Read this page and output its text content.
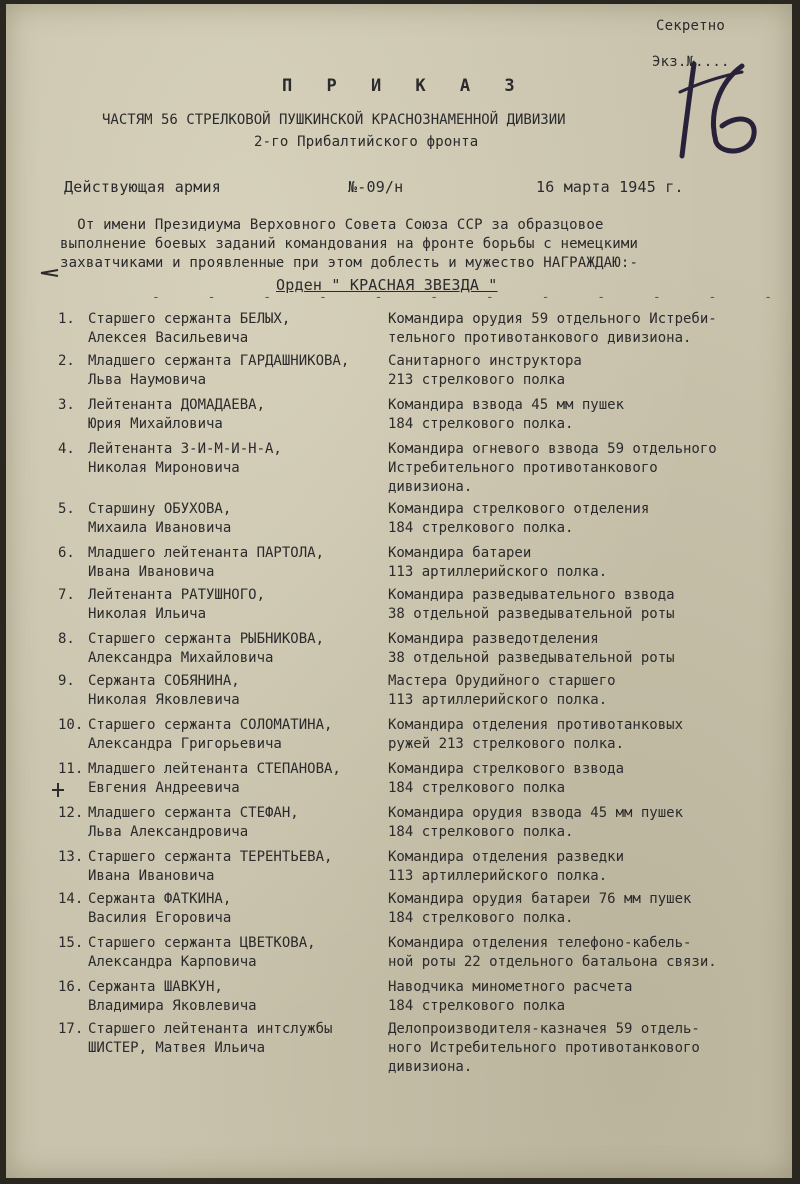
Секретно
Экз.№....
П Р И К А З
ЧАСТЯМ 56 СТРЕЛКОВОЙ ПУШКИНСКОЙ КРАСНОЗНАМЕННОЙ ДИВИЗИИ
2-го Прибалтийского фронта
Действующая армия	№-09/н	16 марта 1945 г.
От имени Президиума Верховного Совета Союза ССР за образцовое
выполнение боевых заданий командования на фронте борьбы с немецкими
захватчиками и проявленные при этом доблесть и мужество НАГРАЖДАЮ:-
Орден " КРАСНАЯ ЗВЕЗДА "
- - - - - - - - - - - -
1. Старшего сержанта БЕЛЫХ,
Алексея Васильевича
Командира орудия 59 отдельного Истреби-
тельного противотанкового дивизиона.
2. Младшего сержанта ГАРДАШНИКОВА,
Льва Наумовича
Санитарного инструктора
213 стрелкового полка
3. Лейтенанта ДОМАДАЕВА,
Юрия Михайловича
Командира взвода 45 мм пушек
184 стрелкового полка.
4. Лейтенанта З-И-М-И-Н-А,
Николая Мироновича
Командира огневого взвода 59 отдельного
Истребительного противотанкового
дивизиона.
5. Старшину ОБУХОВА,
Михаила Ивановича
Командира стрелкового отделения
184 стрелкового полка.
6. Младшего лейтенанта ПАРТОЛА,
Ивана Ивановича
Командира батареи
113 артиллерийского полка.
7. Лейтенанта РАТУШНОГО,
Николая Ильича
Командира разведывательного взвода
38 отдельной разведывательной роты
8. Старшего сержанта РЫБНИКОВА,
Александра Михайловича
Командира разведотделения
38 отдельной разведывательной роты
9. Сержанта СОБЯНИНА,
Николая Яковлевича
Мастера Орудийного старшего
113 артиллерийского полка.
10. Старшего сержанта СОЛОМАТИНА,
Александра Григорьевича
Командира отделения противотанковых
ружей 213 стрелкового полка.
11. Младшего лейтенанта СТЕПАНОВА,
Евгения Андреевича
Командира стрелкового взвода
184 стрелкового полка
12. Младшего сержанта СТЕФАН,
Льва Александровича
Командира орудия взвода 45 мм пушек
184 стрелкового полка.
13. Старшего сержанта ТЕРЕНТЬЕВА,
Ивана Ивановича
Командира отделения разведки
113 артиллерийского полка.
14. Сержанта ФАТКИНА,
Василия Егоровича
Командира орудия батареи 76 мм пушек
184 стрелкового полка.
15. Старшего сержанта ЦВЕТКОВА,
Александра Карповича
Командира отделения телефоно-кабель-
ной роты 22 отдельного батальона связи.
16. Сержанта ШАВКУН,
Владимира Яковлевича
Наводчика минометного расчета
184 стрелкового полка
17. Старшего лейтенанта интслужбы
ШИСТЕР, Матвея Ильича
Делопроизводителя-казначея 59 отдель-
ного Истребительного противотанкового
дивизиона.
